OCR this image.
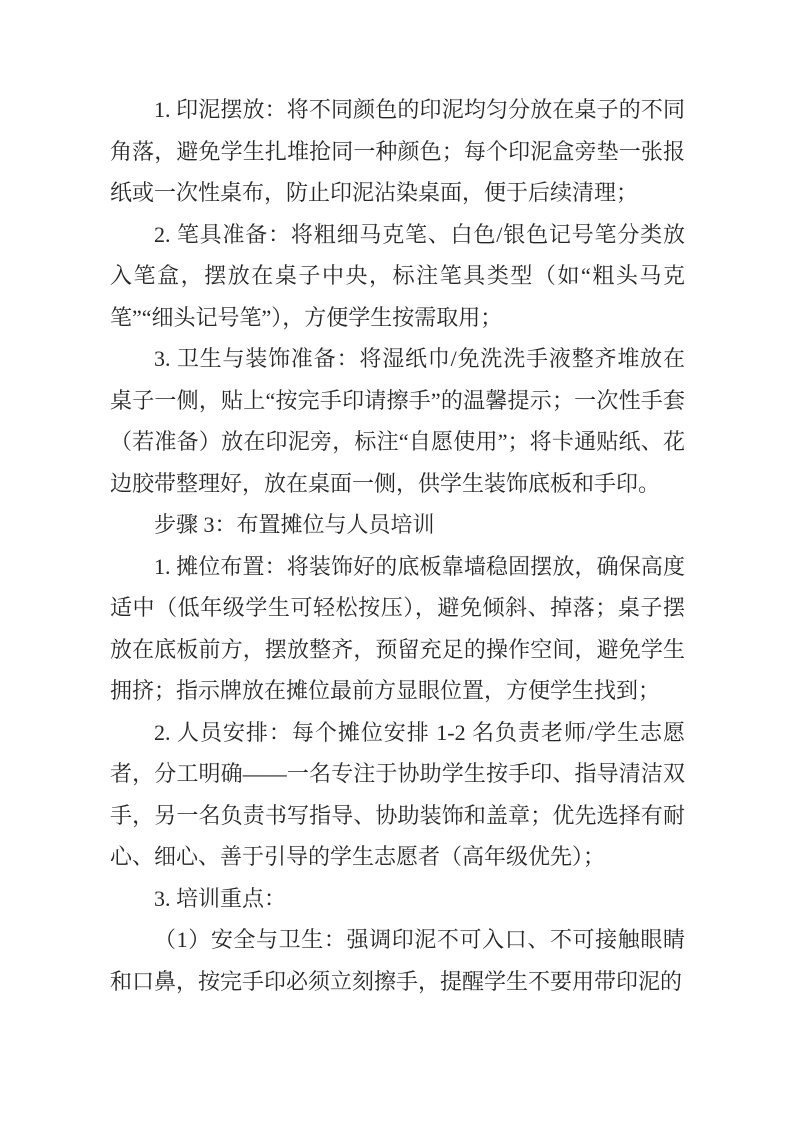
1. 印泥摆放：将不同颜色的印泥均匀分放在桌子的不同角落，避免学生扎堆抢同一种颜色；每个印泥盒旁垫一张报纸或一次性桌布，防止印泥沾染桌面，便于后续清理；

2. 笔具准备：将粗细马克笔、白色/银色记号笔分类放入笔盒，摆放在桌子中央，标注笔具类型（如“粗头马克笔”“细头记号笔”），方便学生按需取用；

3. 卫生与装饰准备：将湿纸巾/免洗洗手液整齐堆放在桌子一侧，贴上“按完手印请擦手”的温馨提示；一次性手套（若准备）放在印泥旁，标注“自愿使用”；将卡通贴纸、花边胶带整理好，放在桌面一侧，供学生装饰底板和手印。

步骤 3：布置摊位与人员培训

1. 摊位布置：将装饰好的底板靠墙稳固摆放，确保高度适中（低年级学生可轻松按压），避免倾斜、掉落；桌子摆放在底板前方，摆放整齐，预留充足的操作空间，避免学生拥挤；指示牌放在摊位最前方显眼位置，方便学生找到；

2. 人员安排：每个摊位安排 1-2 名负责老师/学生志愿者，分工明确——一名专注于协助学生按手印、指导清洁双手，另一名负责书写指导、协助装饰和盖章；优先选择有耐心、细心、善于引导的学生志愿者（高年级优先）；

3. 培训重点：

（1）安全与卫生：强调印泥不可入口、不可接触眼睛和口鼻，按完手印必须立刻擦手，提醒学生不要用带印泥的
